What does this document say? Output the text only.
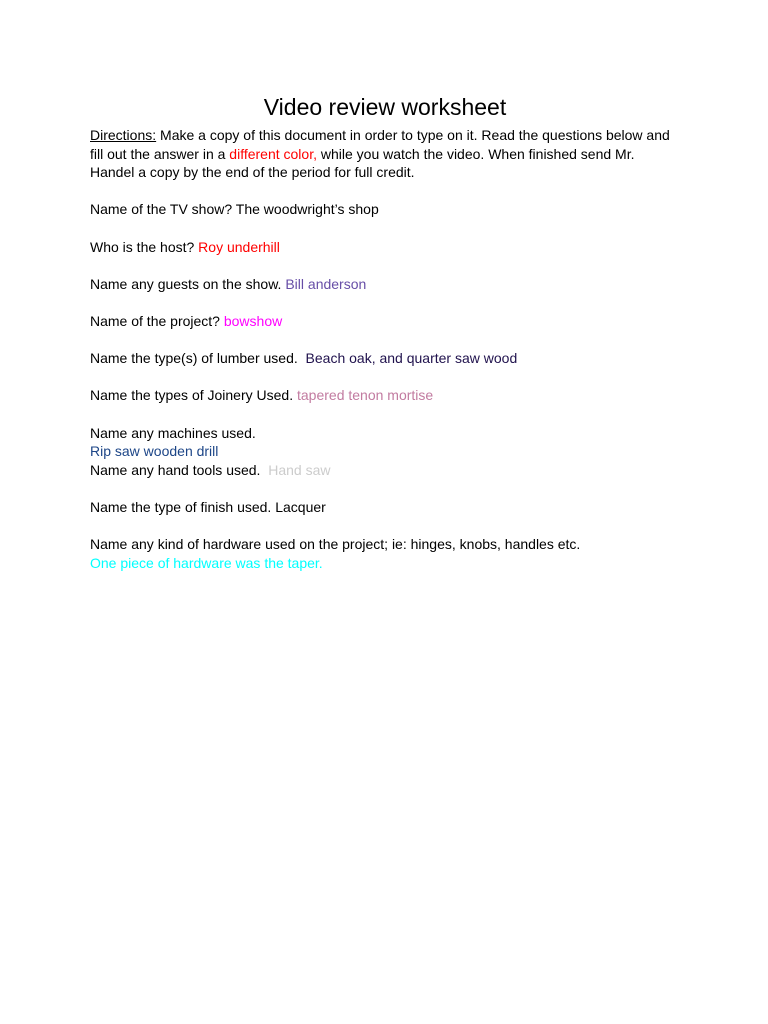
Video review worksheet

Directions: Make a copy of this document in order to type on it. Read the questions below and fill out the answer in a different color, while you watch the video. When finished send Mr. Handel a copy by the end of the period for full credit.

Name of the TV show? The woodwright’s shop

Who is the host? Roy underhill

Name any guests on the show. Bill anderson

Name of the project? bowshow

Name the type(s) of lumber used.  Beach oak, and quarter saw wood

Name the types of Joinery Used. tapered tenon mortise

Name any machines used.

Rip saw wooden drill

Name any hand tools used.  Hand saw

Name the type of finish used. Lacquer

Name any kind of hardware used on the project; ie: hinges, knobs, handles etc.

One piece of hardware was the taper.
